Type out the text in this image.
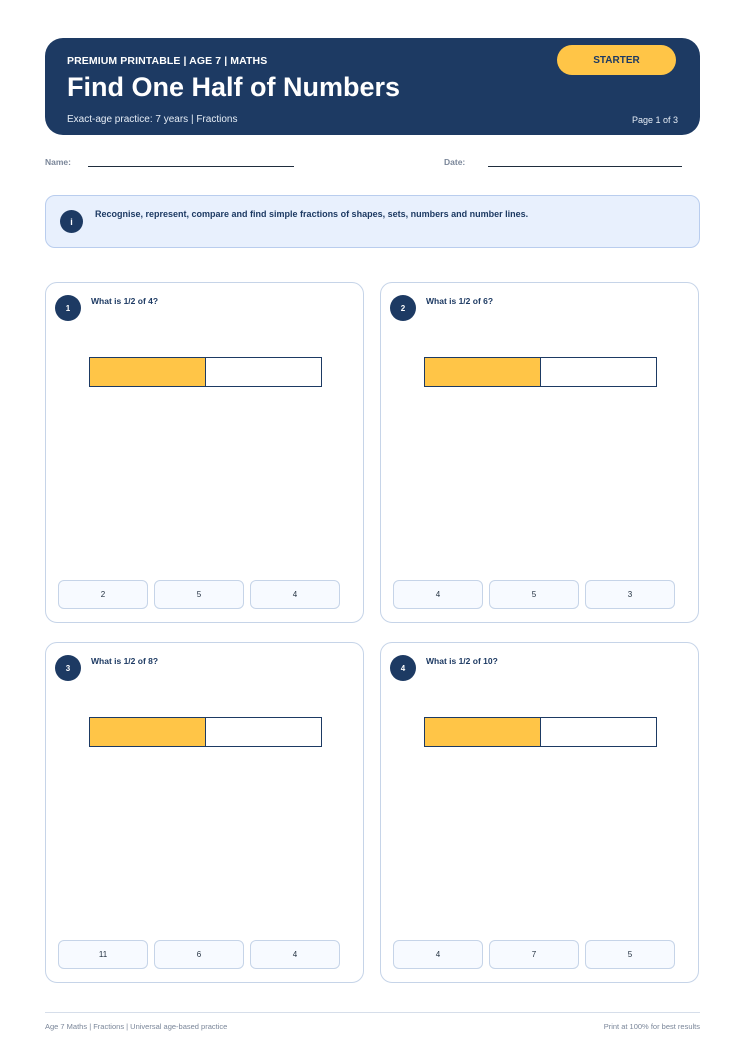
PREMIUM PRINTABLE | AGE 7 | MATHS
Find One Half of Numbers
Exact-age practice: 7 years | Fractions	Page 1 of 3
STARTER
Name:	Date:
i
Recognise, represent, compare and find simple fractions of shapes, sets, numbers and number lines.
1
What is 1/2 of 4?
2	5	4
2
What is 1/2 of 6?
4	5	3
3
What is 1/2 of 8?
11	6	4
4
What is 1/2 of 10?
4	7	5
Age 7 Maths | Fractions | Universal age-based practice	Print at 100% for best results
